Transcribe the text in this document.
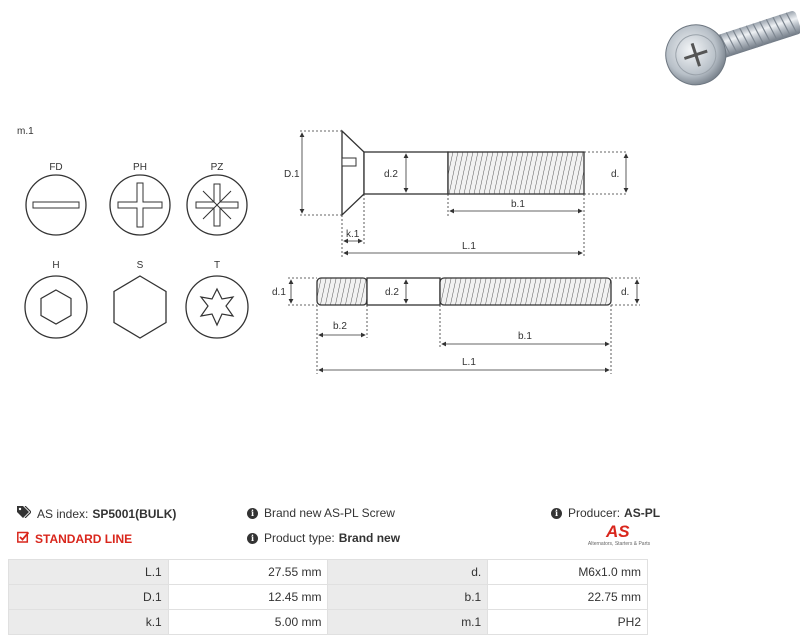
m.1
FD	PH	PZ
H	S	T
D.1	d.2	d.
b.1
k.1
L.1
d.1	d.2	d.
b.2
b.1
L.1
AS index: SP5001(BULK)
STANDARD LINE
i Brand new AS-PL Screw
i Product type: Brand new
i Producer: AS-PL
AS
Alternators, Starters & Parts
L.1	27.55 mm	d.	M6x1.0 mm
D.1	12.45 mm	b.1	22.75 mm
k.1	5.00 mm	m.1	PH2
